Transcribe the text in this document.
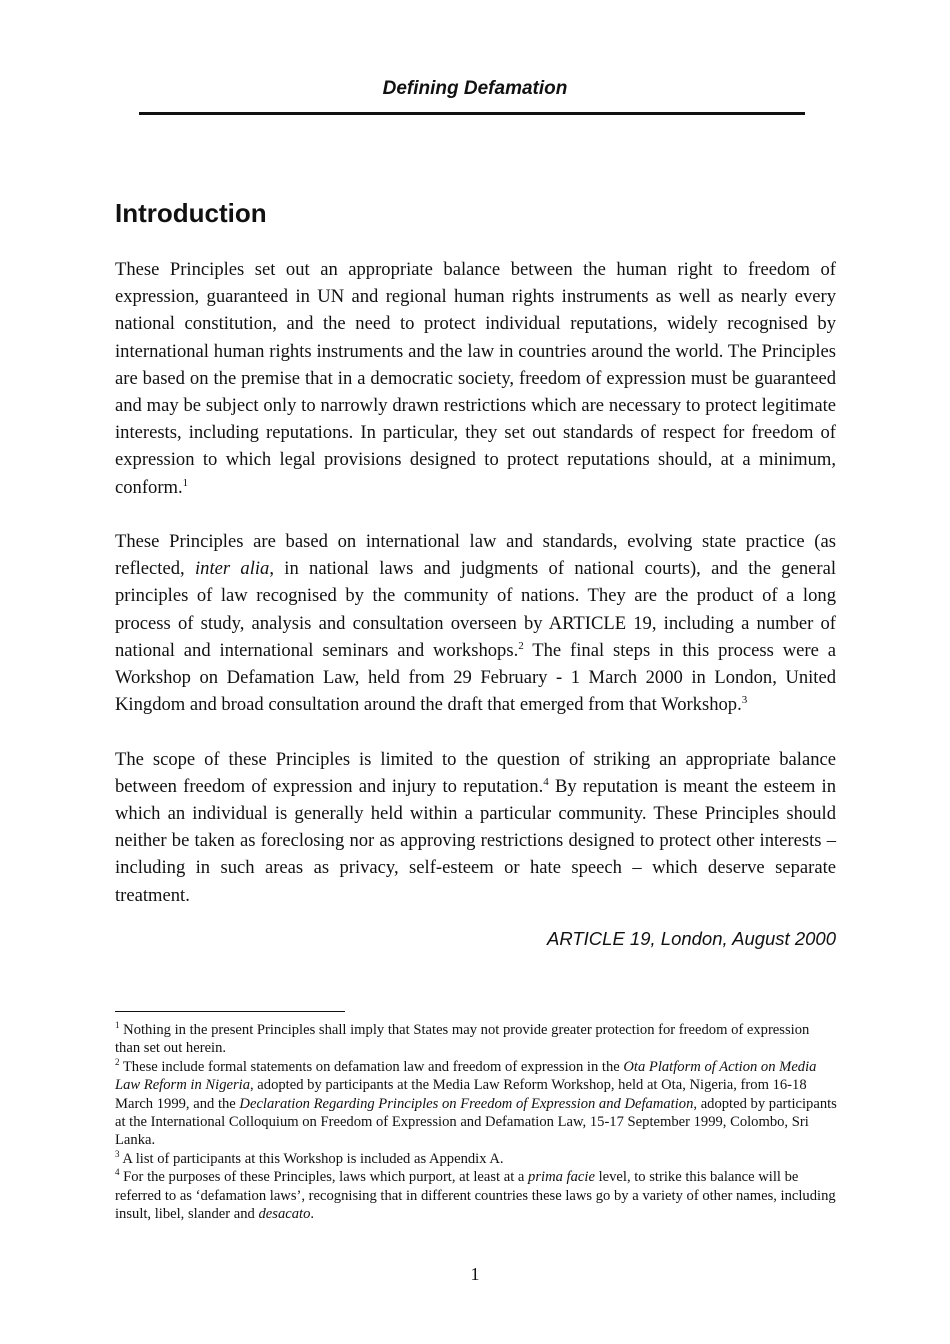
Defining Defamation
Introduction

These Principles set out an appropriate balance between the human right to freedom of expression, guaranteed in UN and regional human rights instruments as well as nearly every national constitution, and the need to protect individual reputations, widely recognised by international human rights instruments and the law in countries around the world. The Principles are based on the premise that in a democratic society, freedom of expression must be guaranteed and may be subject only to narrowly drawn restrictions which are necessary to protect legitimate interests, including reputations. In particular, they set out standards of respect for freedom of expression to which legal provisions designed to protect reputations should, at a minimum, conform.$^1$

These Principles are based on international law and standards, evolving state practice (as reflected, inter alia, in national laws and judgments of national courts), and the general principles of law recognised by the community of nations. They are the product of a long process of study, analysis and consultation overseen by ARTICLE 19, including a number of national and international seminars and workshops.$^2$ The final steps in this process were a Workshop on Defamation Law, held from 29 February - 1 March 2000 in London, United Kingdom and broad consultation around the draft that emerged from that Workshop.$^3$

The scope of these Principles is limited to the question of striking an appropriate balance between freedom of expression and injury to reputation.$^4$ By reputation is meant the esteem in which an individual is generally held within a particular community. These Principles should neither be taken as foreclosing nor as approving restrictions designed to protect other interests – including in such areas as privacy, self-esteem or hate speech – which deserve separate treatment.

ARTICLE 19, London, August 2000

$^1$ Nothing in the present Principles shall imply that States may not provide greater protection for freedom of expression than set out herein.

$^2$ These include formal statements on defamation law and freedom of expression in the Ota Platform of Action on Media Law Reform in Nigeria, adopted by participants at the Media Law Reform Workshop, held at Ota, Nigeria, from 16-18 March 1999, and the Declaration Regarding Principles on Freedom of Expression and Defamation, adopted by participants at the International Colloquium on Freedom of Expression and Defamation Law, 15-17 September 1999, Colombo, Sri Lanka.

$^3$ A list of participants at this Workshop is included as Appendix A.

$^4$ For the purposes of these Principles, laws which purport, at least at a prima facie level, to strike this balance will be referred to as ‘defamation laws’, recognising that in different countries these laws go by a variety of other names, including insult, libel, slander and desacato.

1
